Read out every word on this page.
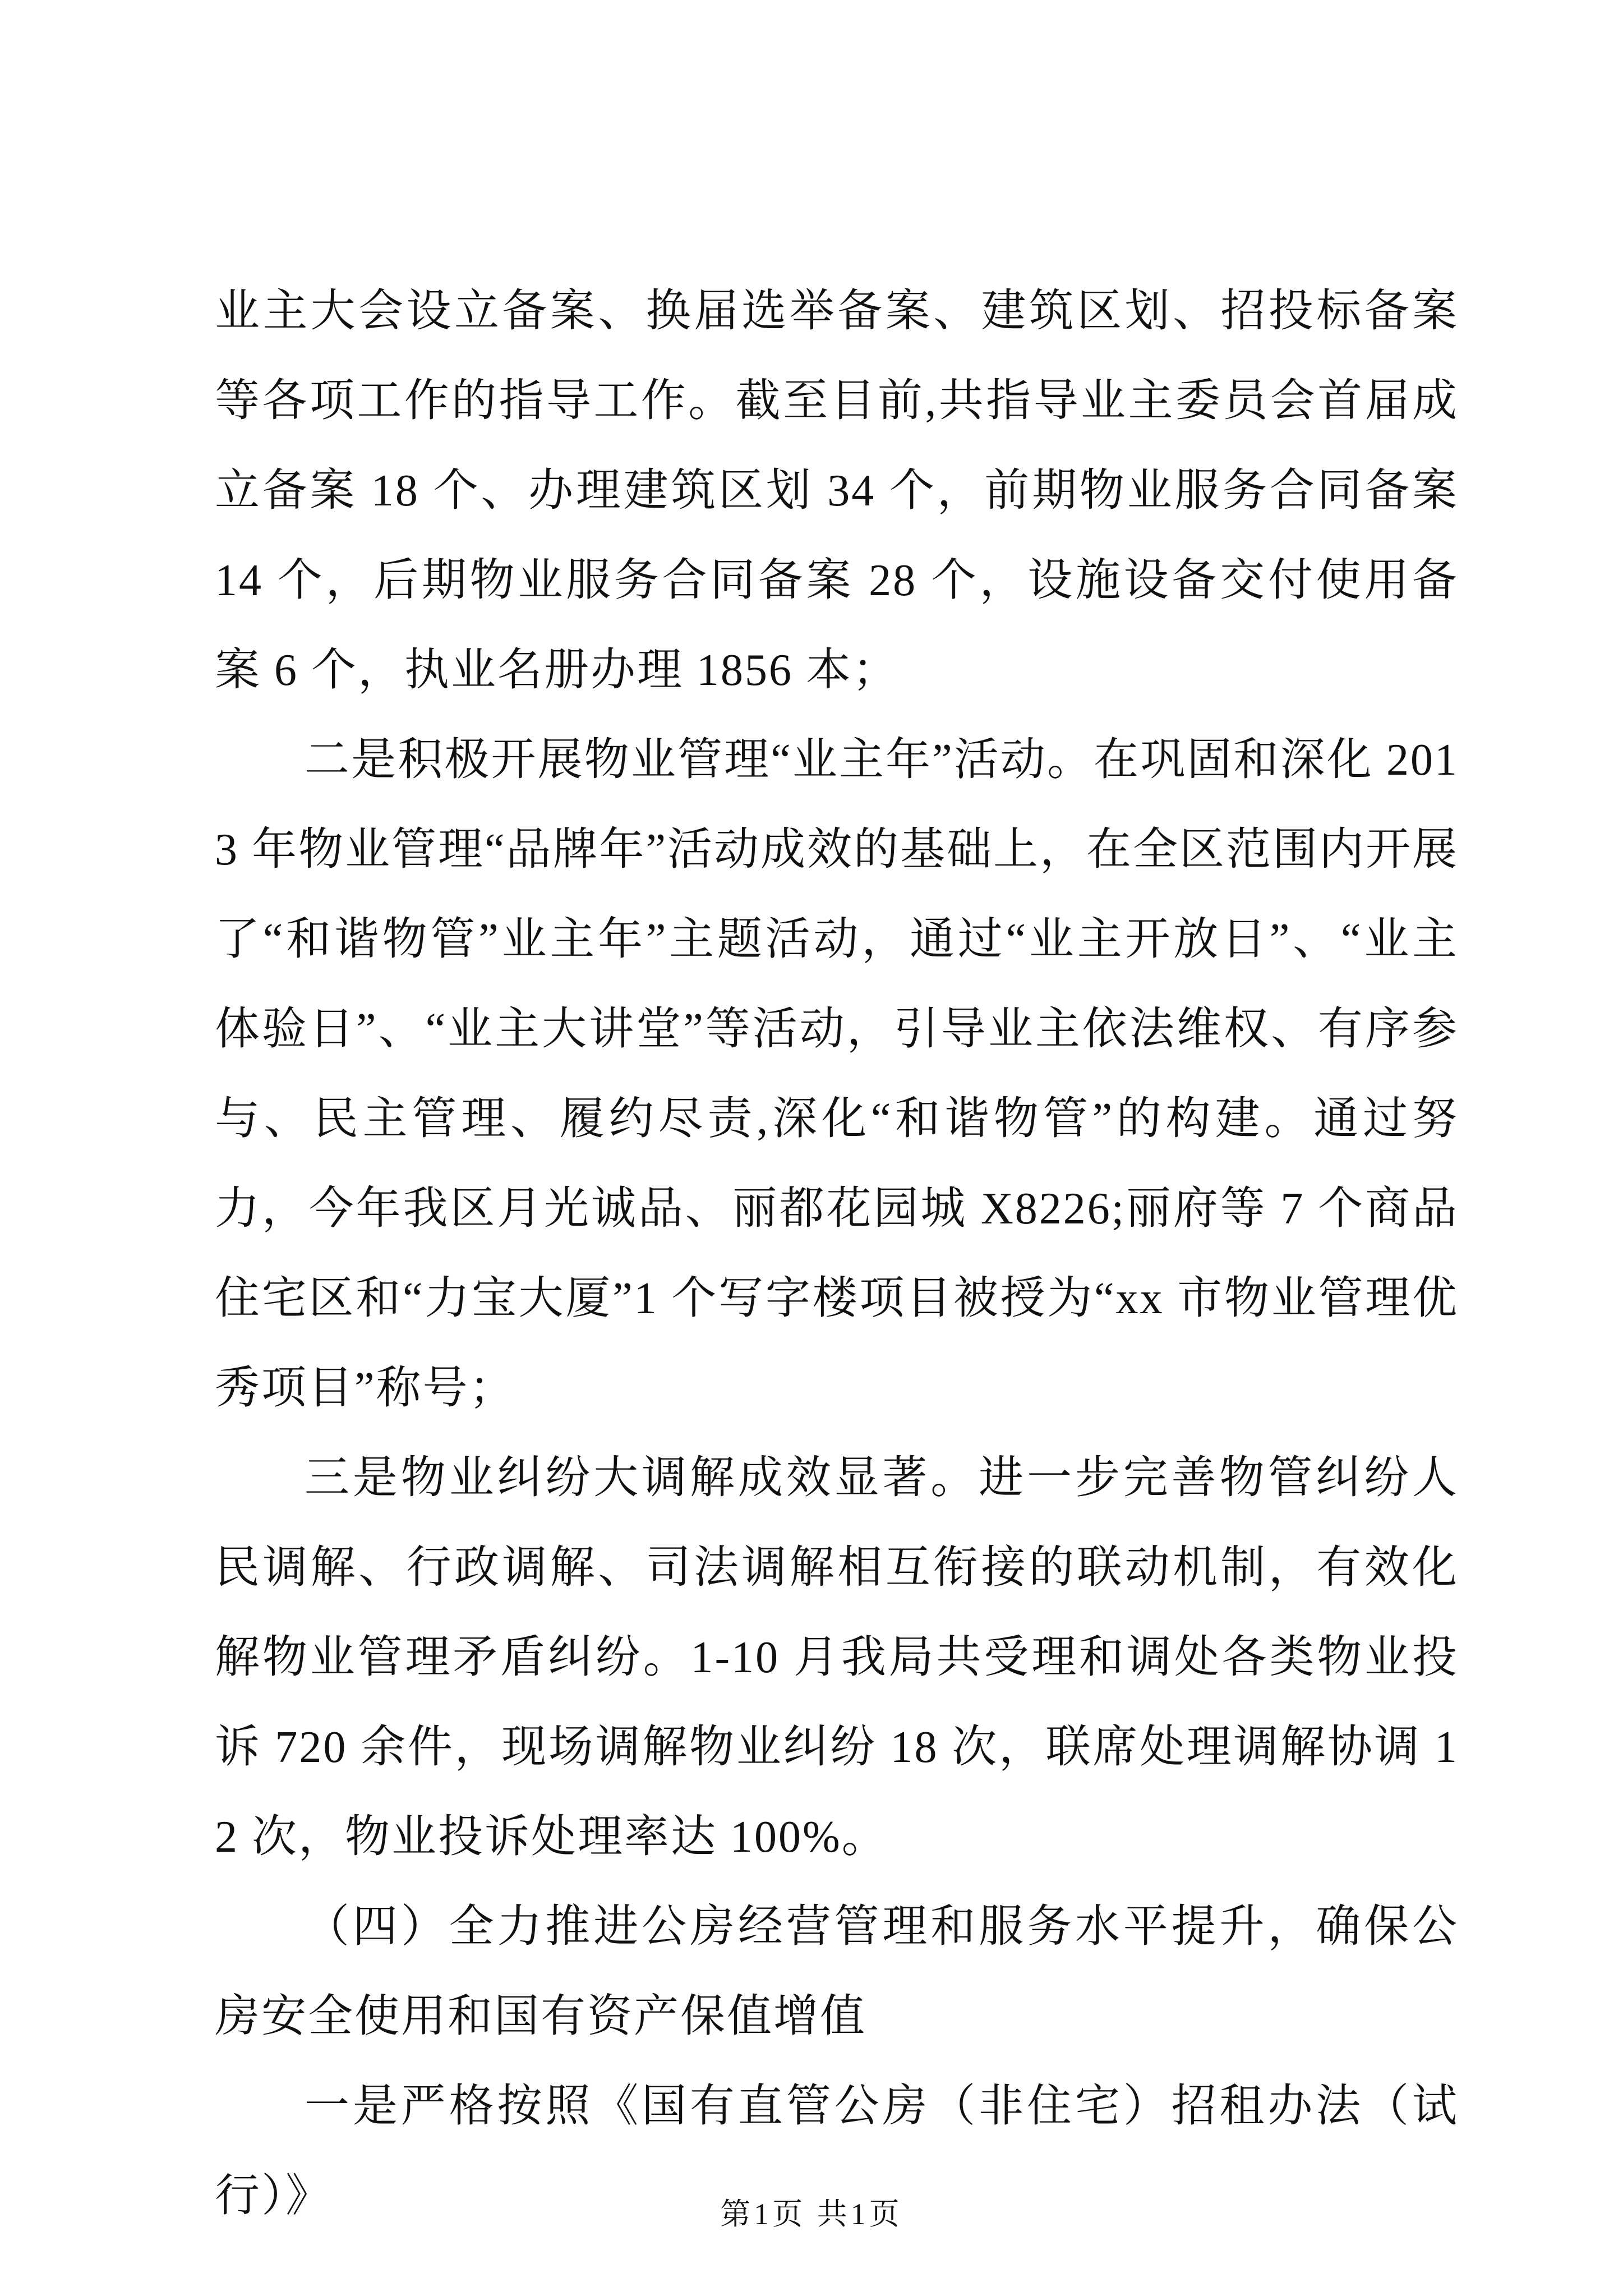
业主大会设立备案、换届选举备案、建筑区划、招投标备案等各项工作的指导工作。截至目前,共指导业主委员会首届成立备案 18 个、办理建筑区划 34 个，前期物业服务合同备案 14 个，后期物业服务合同备案 28 个，设施设备交付使用备案 6 个，执业名册办理 1856 本；

二是积极开展物业管理“业主年”活动。在巩固和深化 2013 年物业管理“品牌年”活动成效的基础上，在全区范围内开展了“和谐物管”业主年”主题活动，通过“业主开放日”、“业主体验日”、“业主大讲堂”等活动，引导业主依法维权、有序参与、民主管理、履约尽责,深化“和谐物管”的构建。通过努力，今年我区月光诚品、丽都花园城 X8226;丽府等 7 个商品住宅区和“力宝大厦”1 个写字楼项目被授为“xx 市物业管理优秀项目”称号；

三是物业纠纷大调解成效显著。进一步完善物管纠纷人民调解、行政调解、司法调解相互衔接的联动机制，有效化解物业管理矛盾纠纷。1-10 月我局共受理和调处各类物业投诉 720 余件，现场调解物业纠纷 18 次，联席处理调解协调 12 次，物业投诉处理率达 100%。

（四）全力推进公房经营管理和服务水平提升，确保公房安全使用和国有资产保值增值

一是严格按照《国有直管公房（非住宅）招租办法（试行）》	第1页 共1页
